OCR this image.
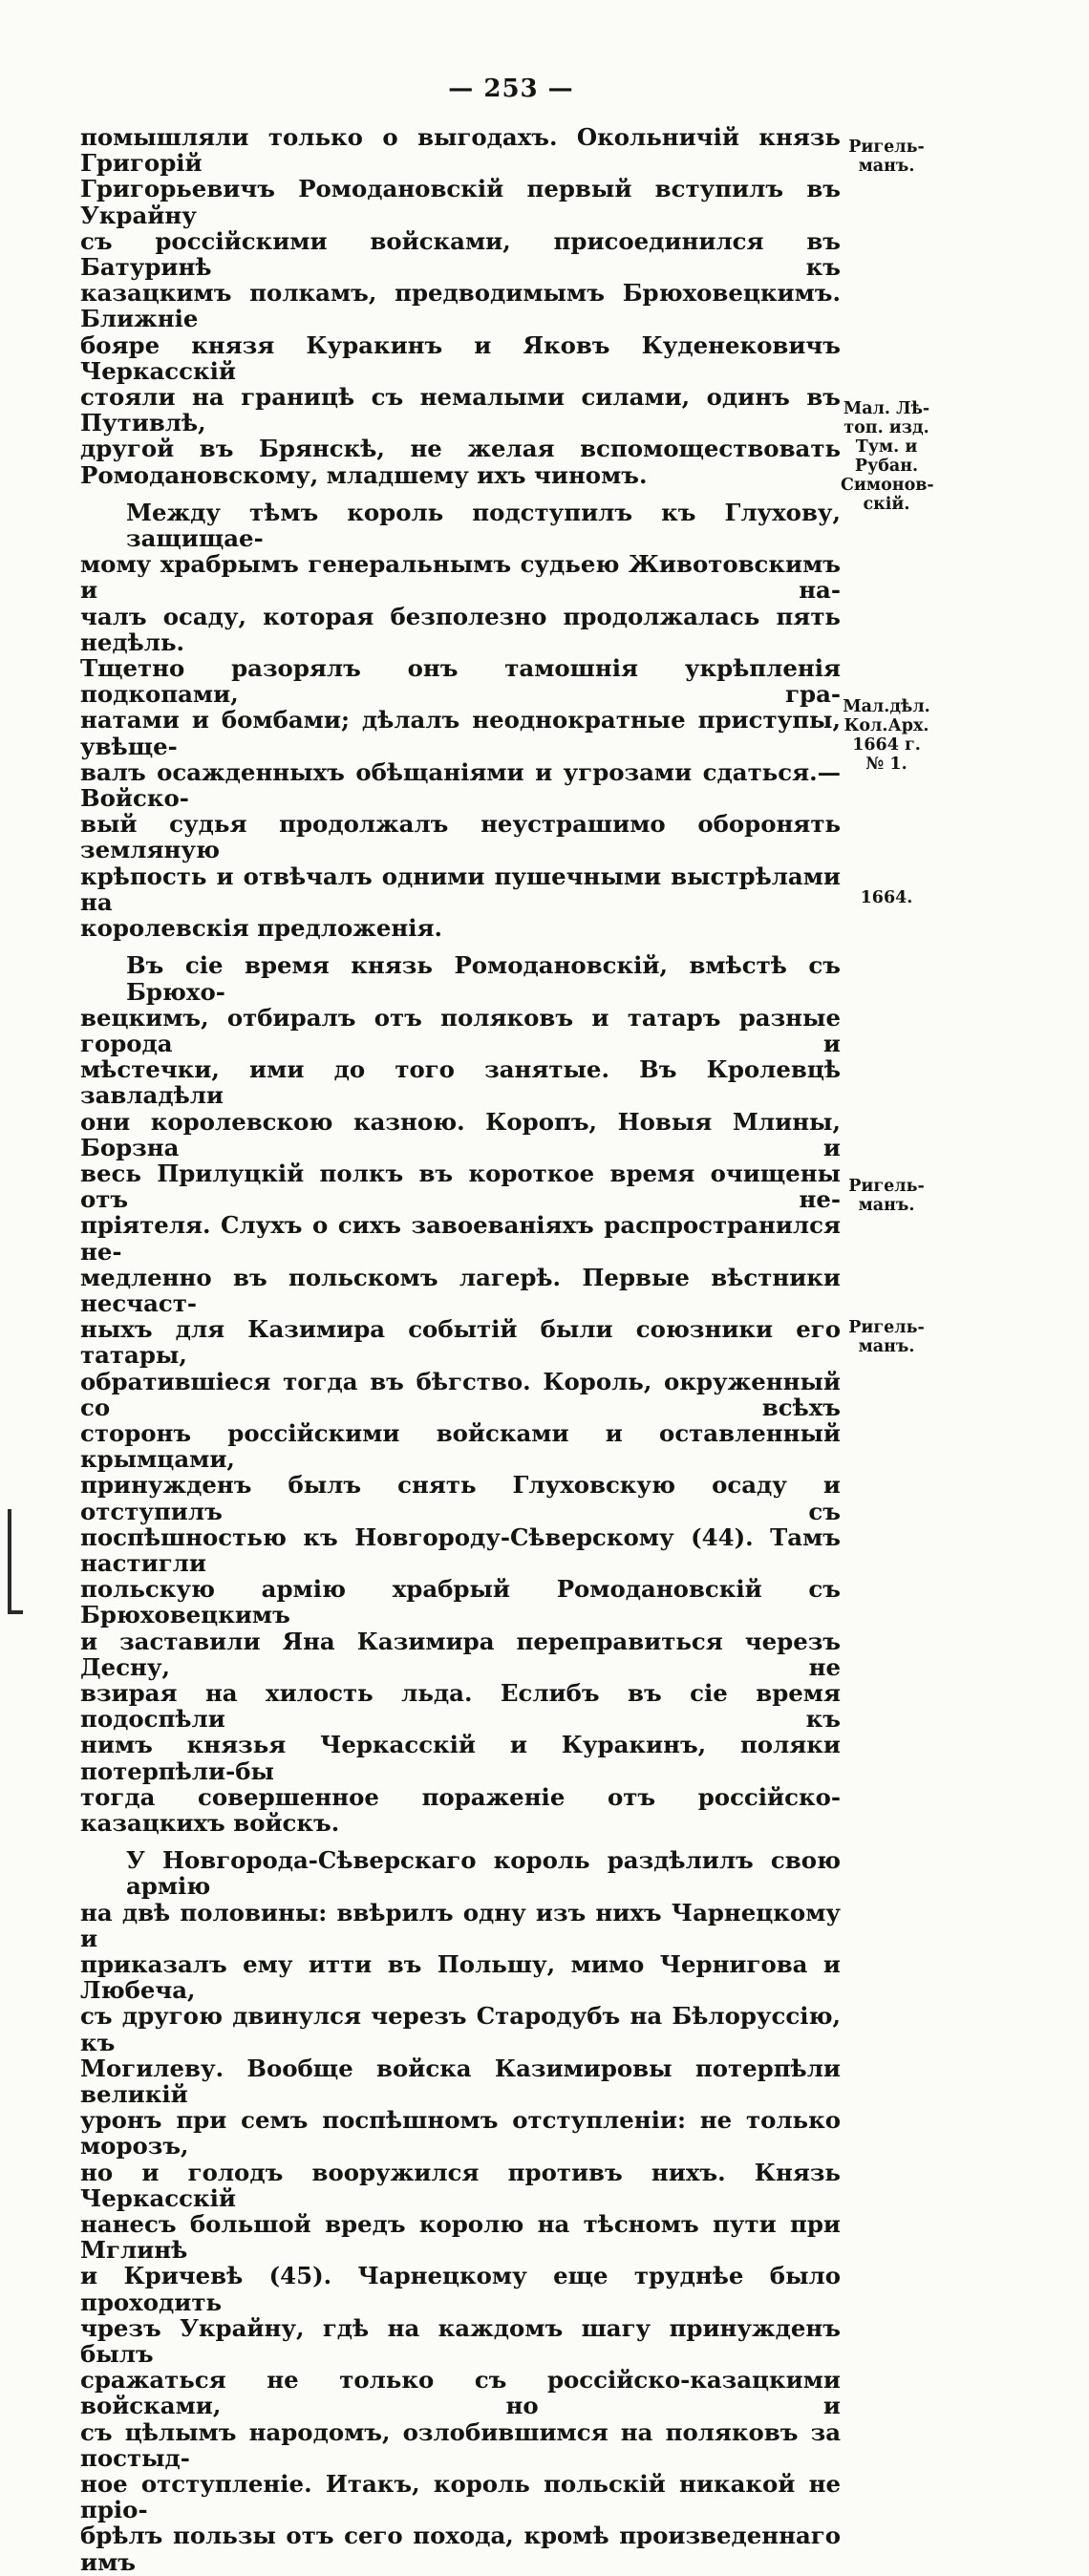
— 253 —

помышляли только о выгодахъ. Окольничій князь Григорій
Григорьевичъ Ромодановскій первый вступилъ въ Украйну
съ россійскими войсками, присоединился въ Батуринѣ къ
казацкимъ полкамъ, предводимымъ Брюховецкимъ. Ближніе
бояре князя Куракинъ и Яковъ Куденековичъ Черкасскій
стояли на границѣ съ немалыми силами, одинъ въ Путивлѣ,
другой въ Брянскѣ, не желая вспомоществовать Ромодановскому, младшему ихъ чиномъ.

Между тѣмъ король подступилъ къ Глухову, защищае-
мому храбрымъ генеральнымъ судьею Животовскимъ и на-
чалъ осаду, которая безполезно продолжалась пять недѣль.
Тщетно разорялъ онъ тамошнія укрѣпленія подкопами, гра-
натами и бомбами; дѣлалъ неоднократные приступы, увѣще-
валъ осажденныхъ обѣщаніями и угрозами сдаться.—Войско-
вый судья продолжалъ неустрашимо оборонять земляную
крѣпость и отвѣчалъ одними пушечными выстрѣлами на
королевскія предложенія.

Въ сіе время князь Ромодановскій, вмѣстѣ съ Брюхо-
вецкимъ, отбиралъ отъ поляковъ и татаръ разные города и
мѣстечки, ими до того занятые. Въ Кролевцѣ завладѣли
они королевскою казною. Коропъ, Новыя Млины, Борзна и
весь Прилуцкій полкъ въ короткое время очищены отъ не-
пріятеля. Слухъ о сихъ завоеваніяхъ распространился не-
медленно въ польскомъ лагерѣ. Первые вѣстники несчаст-
ныхъ для Казимира событій были союзники его татары,
обратившіеся тогда въ бѣгство. Король, окруженный со всѣхъ
сторонъ россійскими войсками и оставленный крымцами,
принужденъ былъ снять Глуховскую осаду и отступилъ съ
поспѣшностью къ Новгороду-Сѣверскому (44). Тамъ настигли
польскую армію храбрый Ромодановскій съ Брюховецкимъ
и заставили Яна Казимира переправиться черезъ Десну, не
взирая на хилость льда. Еслибъ въ сіе время подоспѣли къ
нимъ князья Черкасскій и Куракинъ, поляки потерпѣли-бы
тогда совершенное пораженіе отъ россійско-казацкихъ войскъ.

У Новгорода-Сѣверскаго король раздѣлилъ свою армію
на двѣ половины: ввѣрилъ одну изъ нихъ Чарнецкому и
приказалъ ему итти въ Польшу, мимо Чернигова и Любеча,
съ другою двинулся черезъ Стародубъ на Бѣлоруссію, къ
Могилеву. Вообще войска Казимировы потерпѣли великій
уронъ при семъ поспѣшномъ отступленіи: не только морозъ,
но и голодъ вооружился противъ нихъ. Князь Черкасскій
нанесъ большой вредъ королю на тѣсномъ пути при Мглинѣ
и Кричевѣ (45). Чарнецкому еще труднѣе было проходить
чрезъ Украйну, гдѣ на каждомъ шагу принужденъ былъ
сражаться не только съ россійско-казацкими войсками, но и
съ цѣлымъ народомъ, озлобившимся на поляковъ за постыд-
ное отступленіе. Итакъ, король польскій никакой не прio-
брѣлъ пользы отъ сего похода, кромѣ произведеннаго имъ

Ригель-
манъ.
Мал. Лѣ-
топ. изд.
Тум. и
Рубан.
Симонов-
скій.
Мал.дѣл.
Кол.Арх.
1664 г.
№ 1.
1664.
Ригель-
манъ.
Ригель-
манъ.
